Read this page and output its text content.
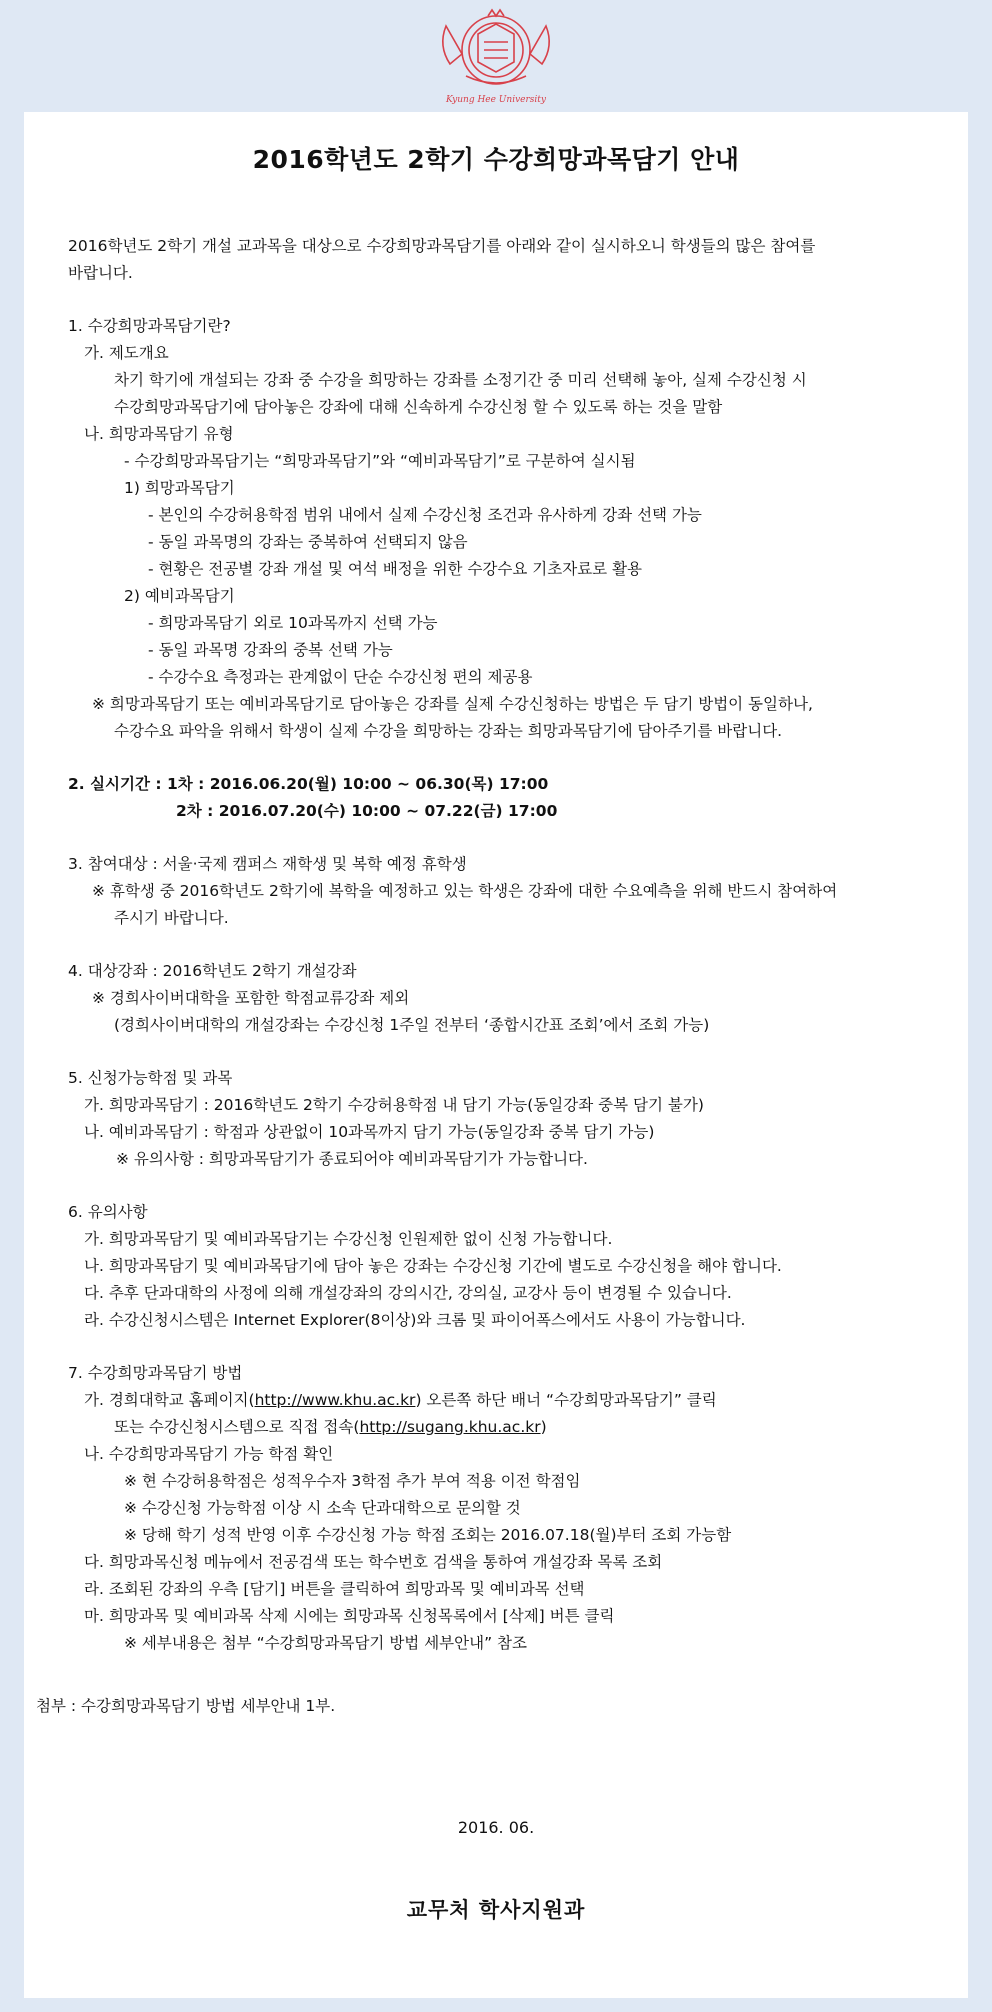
Kyung Hee University
2016학년도 2학기 수강희망과목담기 안내
2016학년도 2학기 개설 교과목을 대상으로 수강희망과목담기를 아래와 같이 실시하오니 학생들의 많은 참여를
바랍니다.
1. 수강희망과목담기란?
가. 제도개요
차기 학기에 개설되는 강좌 중 수강을 희망하는 강좌를 소정기간 중 미리 선택해 놓아, 실제 수강신청 시
수강희망과목담기에 담아놓은 강좌에 대해 신속하게 수강신청 할 수 있도록 하는 것을 말함
나. 희망과목담기 유형
- 수강희망과목담기는 “희망과목담기”와 “예비과목담기”로 구분하여 실시됨
1) 희망과목담기
- 본인의 수강허용학점 범위 내에서 실제 수강신청 조건과 유사하게 강좌 선택 가능
- 동일 과목명의 강좌는 중복하여 선택되지 않음
- 현황은 전공별 강좌 개설 및 여석 배정을 위한 수강수요 기초자료로 활용
2) 예비과목담기
- 희망과목담기 외로 10과목까지 선택 가능
- 동일 과목명 강좌의 중복 선택 가능
- 수강수요 측정과는 관계없이 단순 수강신청 편의 제공용
※ 희망과목담기 또는 예비과목담기로 담아놓은 강좌를 실제 수강신청하는 방법은 두 담기 방법이 동일하나,
수강수요 파악을 위해서 학생이 실제 수강을 희망하는 강좌는 희망과목담기에 담아주기를 바랍니다.
2. 실시기간 : 1차 : 2016.06.20(월) 10:00 ~ 06.30(목) 17:00
2차 : 2016.07.20(수) 10:00 ~ 07.22(금) 17:00
3. 참여대상 : 서울·국제 캠퍼스 재학생 및 복학 예정 휴학생
※ 휴학생 중 2016학년도 2학기에 복학을 예정하고 있는 학생은 강좌에 대한 수요예측을 위해 반드시 참여하여
주시기 바랍니다.
4. 대상강좌 : 2016학년도 2학기 개설강좌
※ 경희사이버대학을 포함한 학점교류강좌 제외
(경희사이버대학의 개설강좌는 수강신청 1주일 전부터 ‘종합시간표 조회’에서 조회 가능)
5. 신청가능학점 및 과목
가. 희망과목담기 : 2016학년도 2학기 수강허용학점 내 담기 가능(동일강좌 중복 담기 불가)
나. 예비과목담기 : 학점과 상관없이 10과목까지 담기 가능(동일강좌 중복 담기 가능)
※ 유의사항 : 희망과목담기가 종료되어야 예비과목담기가 가능합니다.
6. 유의사항
가. 희망과목담기 및 예비과목담기는 수강신청 인원제한 없이 신청 가능합니다.
나. 희망과목담기 및 예비과목담기에 담아 놓은 강좌는 수강신청 기간에 별도로 수강신청을 해야 합니다.
다. 추후 단과대학의 사정에 의해 개설강좌의 강의시간, 강의실, 교강사 등이 변경될 수 있습니다.
라. 수강신청시스템은 Internet Explorer(8이상)와 크롬 및 파이어폭스에서도 사용이 가능합니다.
7. 수강희망과목담기 방법
가. 경희대학교 홈페이지(http://www.khu.ac.kr) 오른쪽 하단 배너 “수강희망과목담기” 클릭
또는 수강신청시스템으로 직접 접속(http://sugang.khu.ac.kr)
나. 수강희망과목담기 가능 학점 확인
※ 현 수강허용학점은 성적우수자 3학점 추가 부여 적용 이전 학점임
※ 수강신청 가능학점 이상 시 소속 단과대학으로 문의할 것
※ 당해 학기 성적 반영 이후 수강신청 가능 학점 조회는 2016.07.18(월)부터 조회 가능함
다. 희망과목신청 메뉴에서 전공검색 또는 학수번호 검색을 통하여 개설강좌 목록 조회
라. 조회된 강좌의 우측 [담기] 버튼을 클릭하여 희망과목 및 예비과목 선택
마. 희망과목 및 예비과목 삭제 시에는 희망과목 신청목록에서 [삭제] 버튼 클릭
※ 세부내용은 첨부 “수강희망과목담기 방법 세부안내” 참조
첨부 : 수강희망과목담기 방법 세부안내 1부.
2016. 06.
교무처 학사지원과
